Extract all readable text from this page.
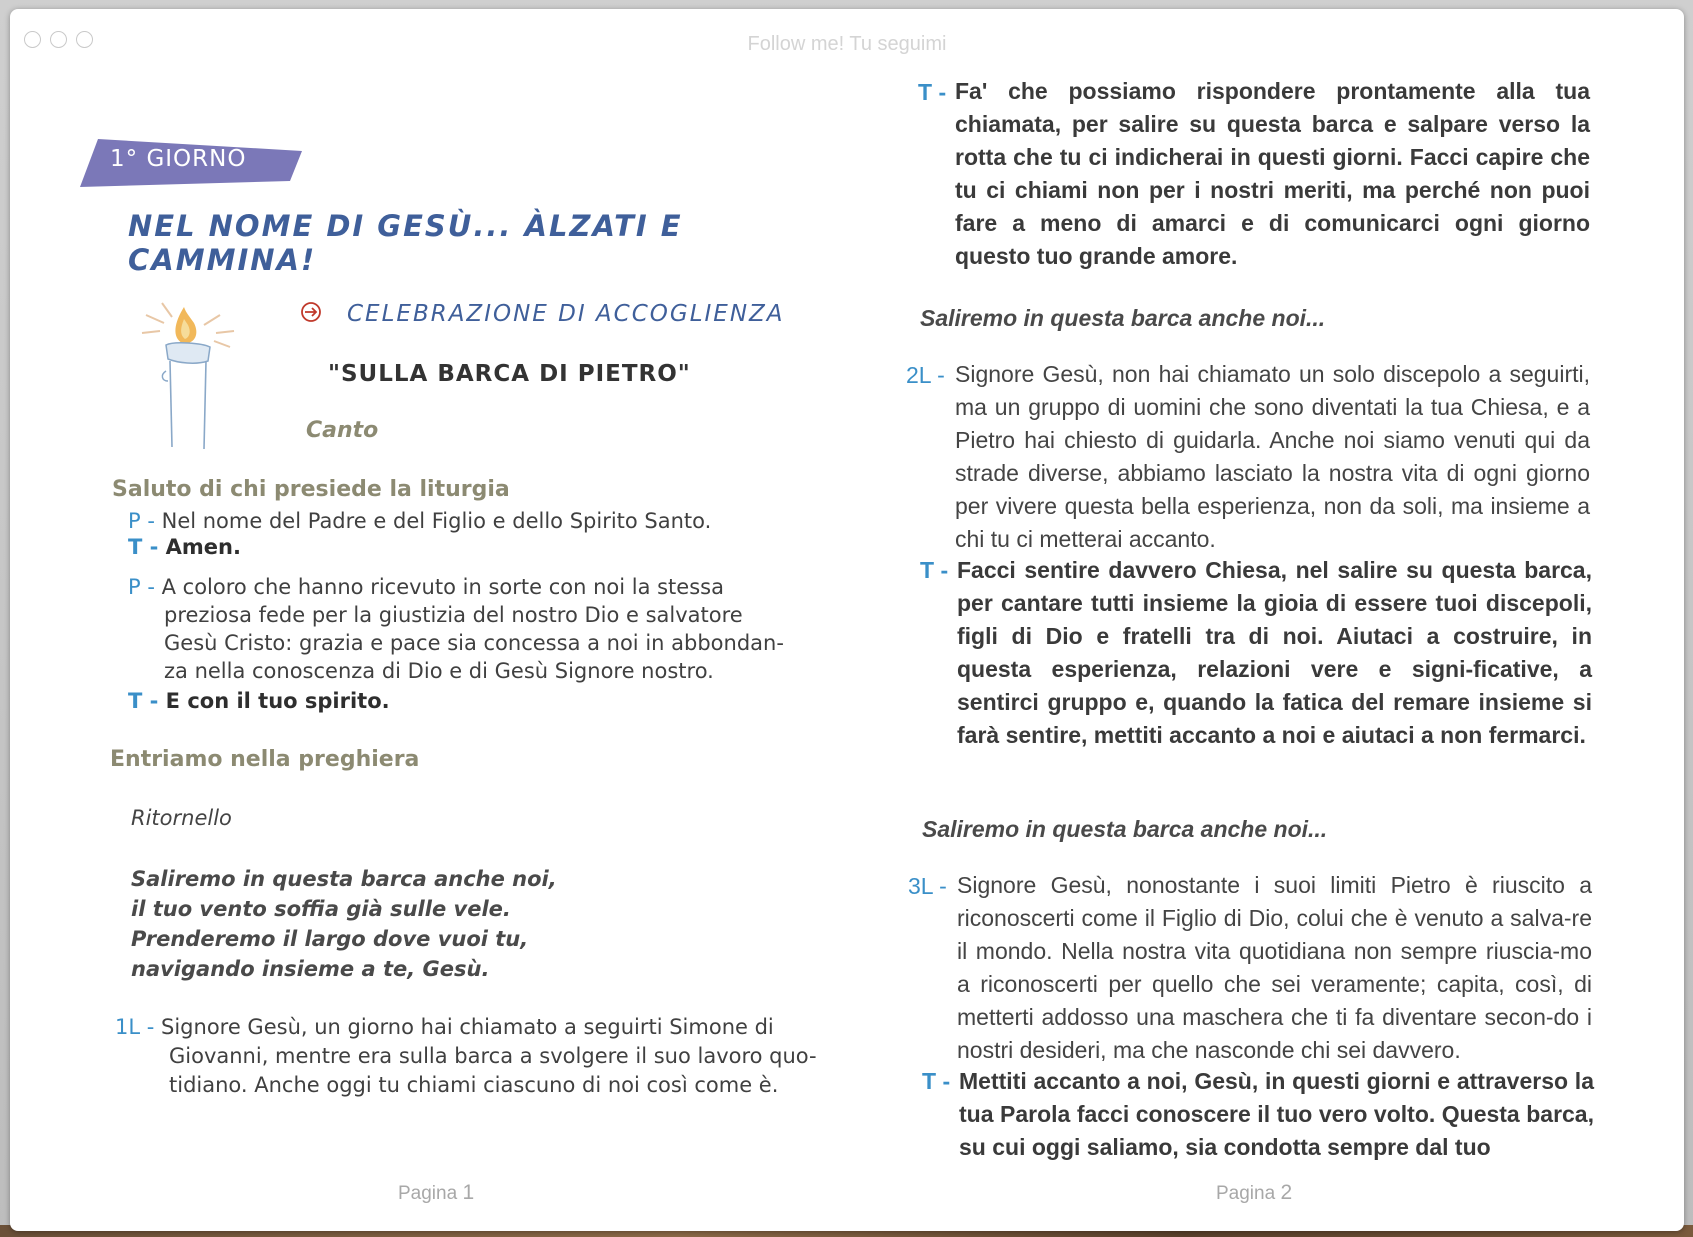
Follow me! Tu seguimi
1° GIORNO
NEL NOME DI GESÙ... ÀLZATI E CAMMINA!
CELEBRAZIONE DI ACCOGLIENZA
"SULLA BARCA DI PIETRO"
Canto
Saluto di chi presiede la liturgia
P - Nel nome del Padre e del Figlio e dello Spirito Santo.
T - Amen.
P - A coloro che hanno ricevuto in sorte con noi la stessa
preziosa fede per la giustizia del nostro Dio e salvatore
Gesù Cristo: grazia e pace sia concessa a noi in abbondan-
za nella conoscenza di Dio e di Gesù Signore nostro.
T - E con il tuo spirito.
Entriamo nella preghiera
Ritornello
Saliremo in questa barca anche noi,
il tuo vento soffia già sulle vele.
Prenderemo il largo dove vuoi tu,
navigando insieme a te, Gesù.
1L - Signore Gesù, un giorno hai chiamato a seguirti Simone di
Giovanni, mentre era sulla barca a svolgere il suo lavoro quo-
tidiano. Anche oggi tu chiami ciascuno di noi così come è.
Pagina 1
T - Fa' che possiamo rispondere prontamente alla tua chiamata, per salire su questa barca e salpare verso la rotta che tu ci indicherai in questi giorni. Facci capire che tu ci chiami non per i nostri meriti, ma perché non puoi fare a meno di amarci e di comunicarci ogni giorno questo tuo grande amore.
Saliremo in questa barca anche noi...
2L - Signore Gesù, non hai chiamato un solo discepolo a seguirti, ma un gruppo di uomini che sono diventati la tua Chiesa, e a Pietro hai chiesto di guidarla. Anche noi siamo venuti qui da strade diverse, abbiamo lasciato la nostra vita di ogni giorno per vivere questa bella esperienza, non da soli, ma insieme a chi tu ci metterai accanto.
T - Facci sentire davvero Chiesa, nel salire su questa barca, per cantare tutti insieme la gioia di essere tuoi discepoli, figli di Dio e fratelli tra di noi. Aiutaci a costruire, in questa esperienza, relazioni vere e signi-ficative, a sentirci gruppo e, quando la fatica del remare insieme si farà sentire, mettiti accanto a noi e aiutaci a non fermarci.
Saliremo in questa barca anche noi...
3L - Signore Gesù, nonostante i suoi limiti Pietro è riuscito a riconoscerti come il Figlio di Dio, colui che è venuto a salva-re il mondo. Nella nostra vita quotidiana non sempre riuscia-mo a riconoscerti per quello che sei veramente; capita, così, di metterti addosso una maschera che ti fa diventare secon-do i nostri desideri, ma che nasconde chi sei davvero.
T - Mettiti accanto a noi, Gesù, in questi giorni e attraverso la tua Parola facci conoscere il tuo vero volto. Questa barca, su cui oggi saliamo, sia condotta sempre dal tuo
Pagina 2
